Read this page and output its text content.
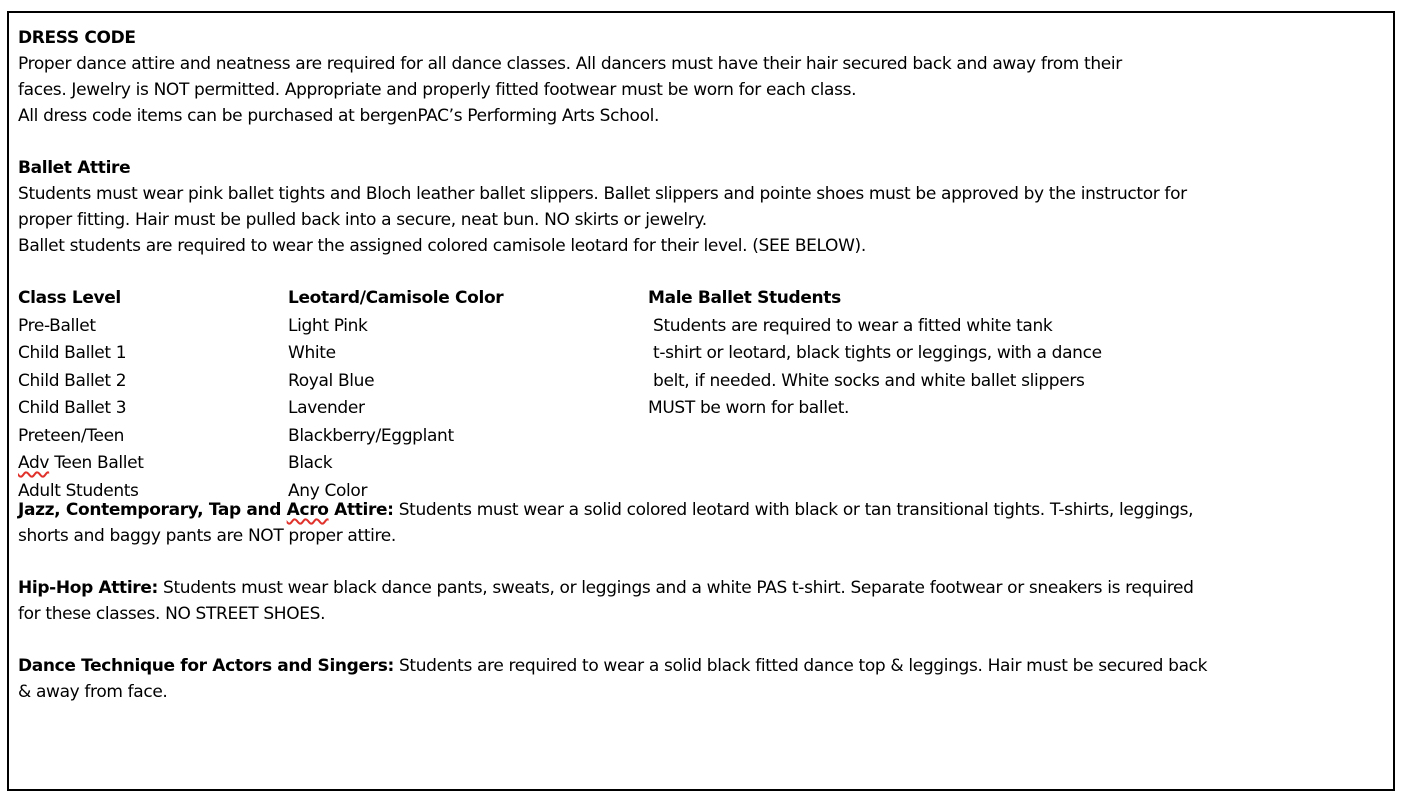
DRESS CODE
Proper dance attire and neatness are required for all dance classes. All dancers must have their hair secured back and away from their
faces. Jewelry is NOT permitted. Appropriate and properly fitted footwear must be worn for each class.
All dress code items can be purchased at bergenPAC’s Performing Arts School.
Ballet Attire
Students must wear pink ballet tights and Bloch leather ballet slippers. Ballet slippers and pointe shoes must be approved by the instructor for
proper fitting. Hair must be pulled back into a secure, neat bun. NO skirts or jewelry.
Ballet students are required to wear the assigned colored camisole leotard for their level. (SEE BELOW).
Class Level
Pre-Ballet
Child Ballet 1
Child Ballet 2
Child Ballet 3
Preteen/Teen
Adv Teen Ballet
Adult Students
Leotard/Camisole Color
Light Pink
White
Royal Blue
Lavender
Blackberry/Eggplant
Black
Any Color
Male Ballet Students
Students are required to wear a fitted white tank
t-shirt or leotard, black tights or leggings, with a dance
belt, if needed. White socks and white ballet slippers
MUST be worn for ballet.
Jazz, Contemporary, Tap and Acro Attire: Students must wear a solid colored leotard with black or tan transitional tights. T-shirts, leggings,
shorts and baggy pants are NOT proper attire.
Hip-Hop Attire: Students must wear black dance pants, sweats, or leggings and a white PAS t-shirt. Separate footwear or sneakers is required
for these classes. NO STREET SHOES.
Dance Technique for Actors and Singers: Students are required to wear a solid black fitted dance top & leggings. Hair must be secured back
& away from face.
